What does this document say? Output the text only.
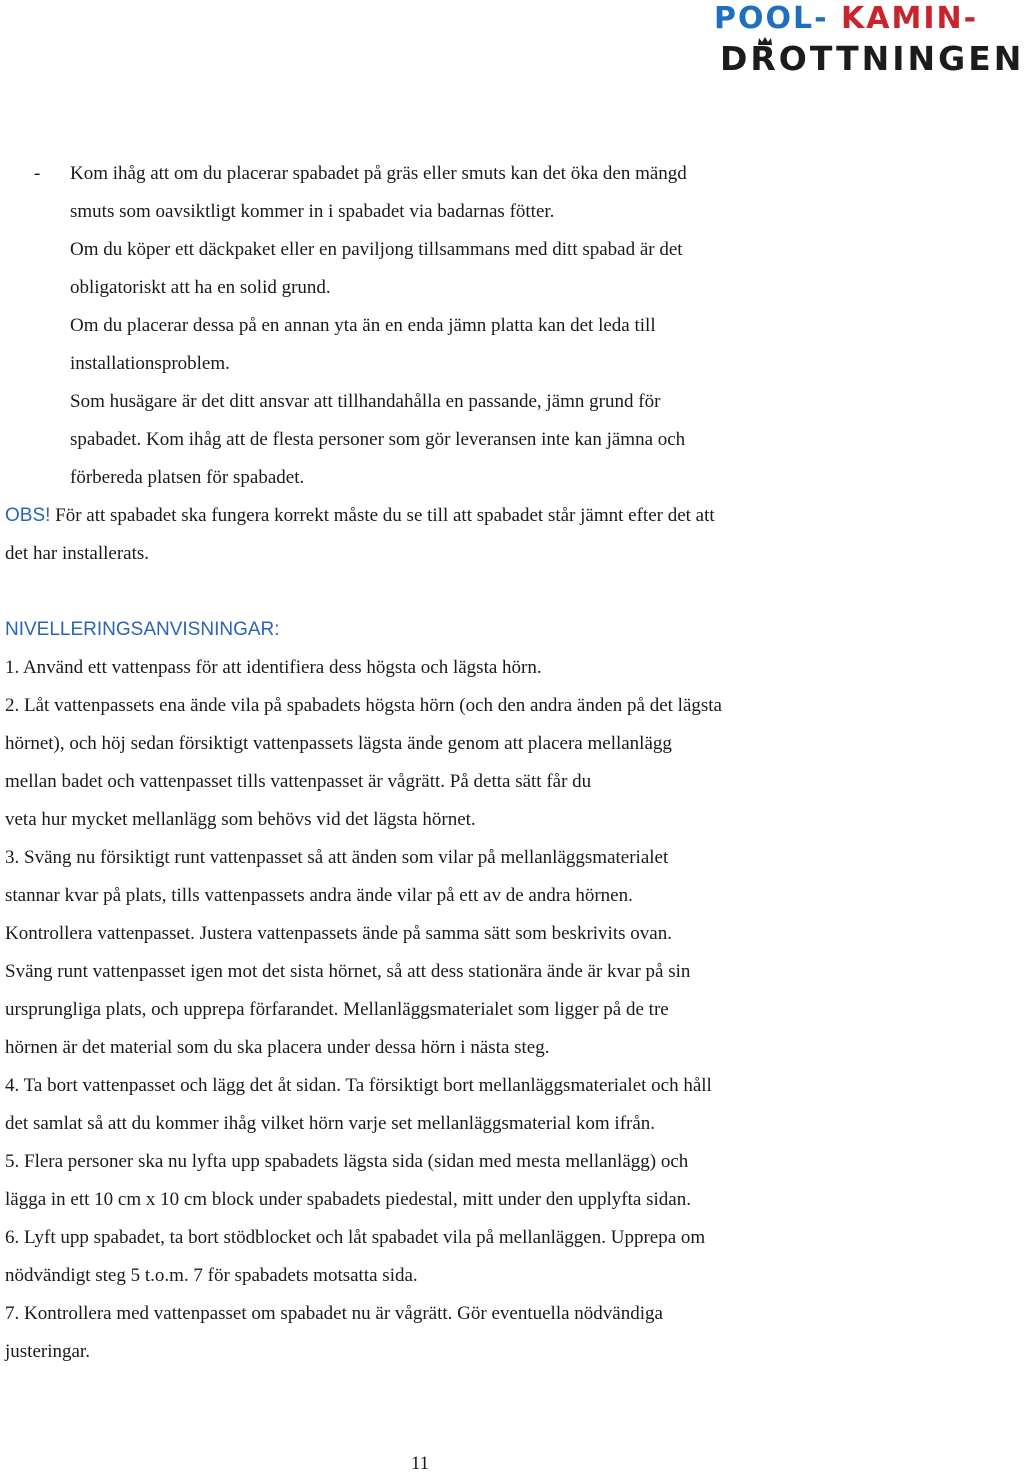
POOL- KAMIN-
DROTTNINGEN
- Kom ihåg att om du placerar spabadet på gräs eller smuts kan det öka den mängd

smuts som oavsiktligt kommer in i spabadet via badarnas fötter.

Om du köper ett däckpaket eller en paviljong tillsammans med ditt spabad är det

obligatoriskt att ha en solid grund.

Om du placerar dessa på en annan yta än en enda jämn platta kan det leda till

installationsproblem.

Som husägare är det ditt ansvar att tillhandahålla en passande, jämn grund för

spabadet. Kom ihåg att de flesta personer som gör leveransen inte kan jämna och

förbereda platsen för spabadet.

OBS! För att spabadet ska fungera korrekt måste du se till att spabadet står jämnt efter det att

det har installerats.

NIVELLERINGSANVISNINGAR:

1. Använd ett vattenpass för att identifiera dess högsta och lägsta hörn.

2. Låt vattenpassets ena ände vila på spabadets högsta hörn (och den andra änden på det lägsta

hörnet), och höj sedan försiktigt vattenpassets lägsta ände genom att placera mellanlägg

mellan badet och vattenpasset tills vattenpasset är vågrätt. På detta sätt får du

veta hur mycket mellanlägg som behövs vid det lägsta hörnet.

3. Sväng nu försiktigt runt vattenpasset så att änden som vilar på mellanläggsmaterialet

stannar kvar på plats, tills vattenpassets andra ände vilar på ett av de andra hörnen.

Kontrollera vattenpasset. Justera vattenpassets ände på samma sätt som beskrivits ovan.

Sväng runt vattenpasset igen mot det sista hörnet, så att dess stationära ände är kvar på sin

ursprungliga plats, och upprepa förfarandet. Mellanläggsmaterialet som ligger på de tre

hörnen är det material som du ska placera under dessa hörn i nästa steg.

4. Ta bort vattenpasset och lägg det åt sidan. Ta försiktigt bort mellanläggsmaterialet och håll

det samlat så att du kommer ihåg vilket hörn varje set mellanläggsmaterial kom ifrån.

5. Flera personer ska nu lyfta upp spabadets lägsta sida (sidan med mesta mellanlägg) och

lägga in ett 10 cm x 10 cm block under spabadets piedestal, mitt under den upplyfta sidan.

6. Lyft upp spabadet, ta bort stödblocket och låt spabadet vila på mellanläggen. Upprepa om

nödvändigt steg 5 t.o.m. 7 för spabadets motsatta sida.

7. Kontrollera med vattenpasset om spabadet nu är vågrätt. Gör eventuella nödvändiga

justeringar.

11
